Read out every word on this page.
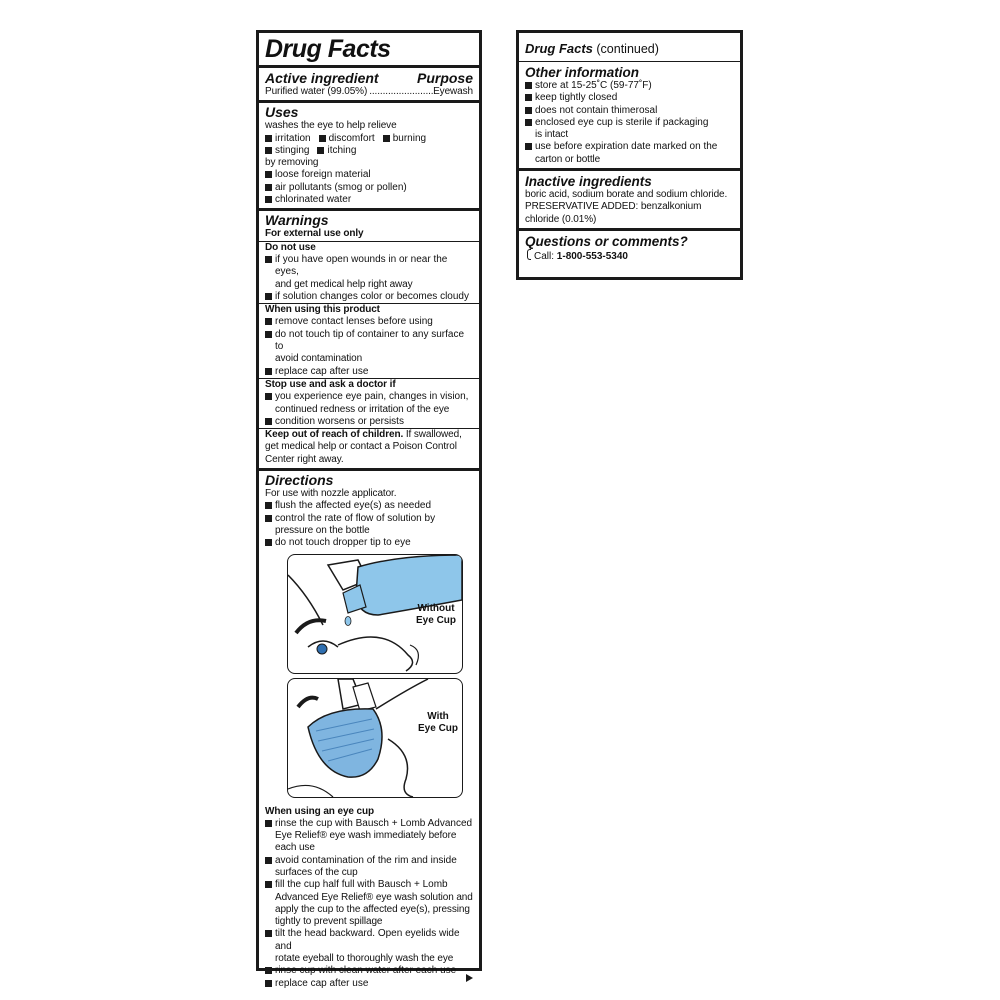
Drug Facts
Active ingredient	Purpose
Purified water (99.05%) ........................ Eyewash
Uses
washes the eye to help relieve
irritation discomfort burning
stinging itching
by removing
loose foreign material
air pollutants (smog or pollen)
chlorinated water
Warnings
For external use only
Do not use
if you have open wounds in or near the eyes,
and get medical help right away
if solution changes color or becomes cloudy
When using this product
remove contact lenses before using
do not touch tip of container to any surface to
avoid contamination
replace cap after use
Stop use and ask a doctor if
you experience eye pain, changes in vision,
continued redness or irritation of the eye
condition worsens or persists
Keep out of reach of children. If swallowed,
get medical help or contact a Poison Control
Center right away.
Directions
For use with nozzle applicator.
flush the affected eye(s) as needed
control the rate of flow of solution by
pressure on the bottle
do not touch dropper tip to eye
Without
Eye Cup
With
Eye Cup
When using an eye cup
rinse the cup with Bausch + Lomb Advanced
Eye Relief® eye wash immediately before
each use
avoid contamination of the rim and inside
surfaces of the cup
fill the cup half full with Bausch + Lomb
Advanced Eye Relief® eye wash solution and
apply the cup to the affected eye(s), pressing
tightly to prevent spillage
tilt the head backward. Open eyelids wide and
rotate eyeball to thoroughly wash the eye
rinse cup with clean water after each use
replace cap after use
Drug Facts (continued)
Other information
store at 15-25˚C (59-77˚F)
keep tightly closed
does not contain thimerosal
enclosed eye cup is sterile if packaging
is intact
use before expiration date marked on the
carton or bottle
Inactive ingredients
boric acid, sodium borate and sodium chloride.
PRESERVATIVE ADDED: benzalkonium
chloride (0.01%)
Questions or comments?
Call: 1-800-553-5340
